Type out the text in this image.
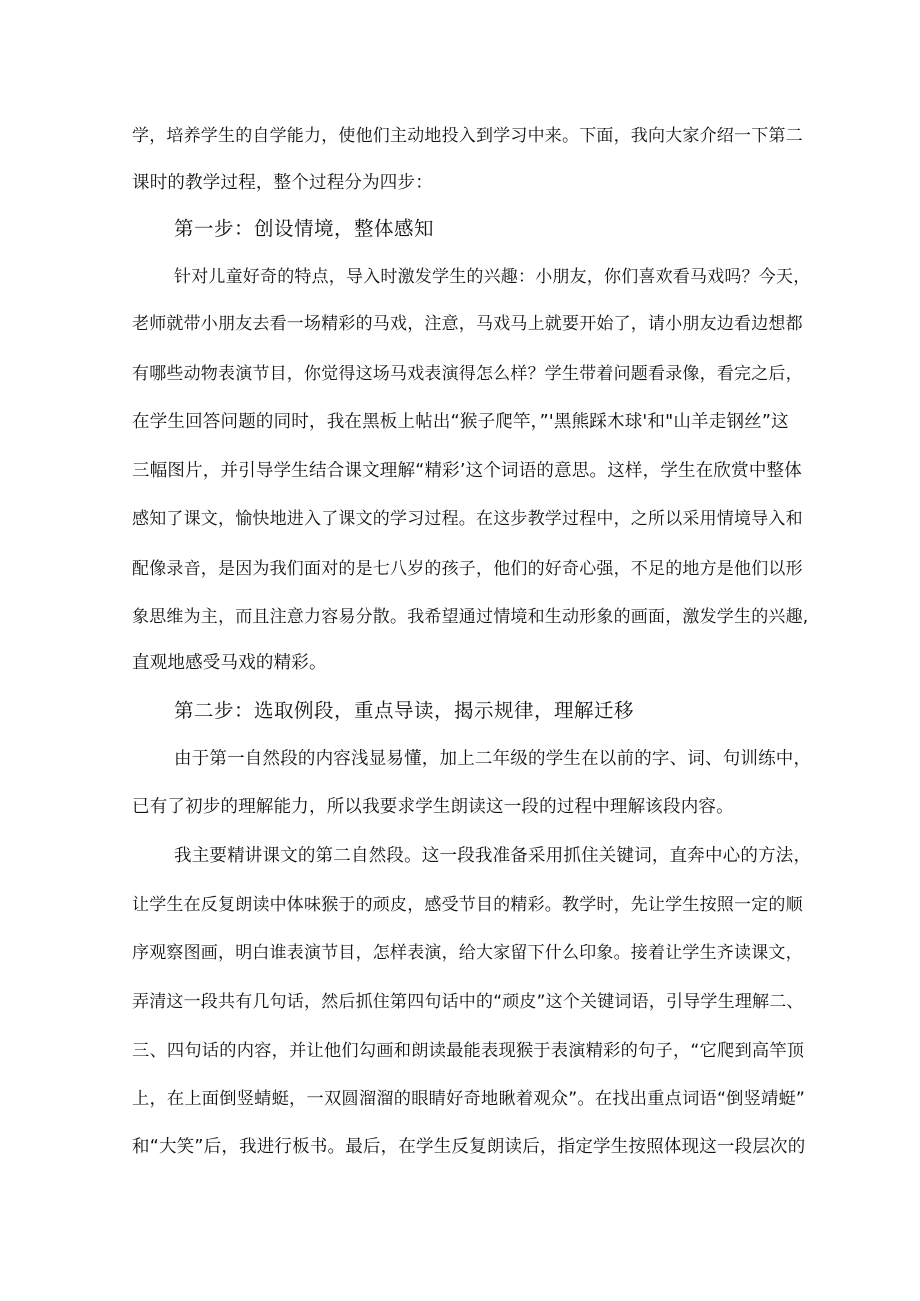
学，培养学生的自学能力，使他们主动地投入到学习中来。下面，我向大家介绍一下第二
课时的教学过程，整个过程分为四步：
第一步：创设情境，整体感知
针对儿童好奇的特点，导入时激发学生的兴趣：小朋友，你们喜欢看马戏吗？今天，
老师就带小朋友去看一场精彩的马戏，注意，马戏马上就要开始了，请小朋友边看边想都
有哪些动物表演节目，你觉得这场马戏表演得怎么样？学生带着问题看录像，看完之后，
在学生回答问题的同时，我在黑板上帖出“猴子爬竿，”'黑熊踩木球'和"山羊走钢丝”这
三幅图片，并引导学生结合课文理解“精彩’这个词语的意思。这样，学生在欣赏中整体
感知了课文，愉快地进入了课文的学习过程。在这步教学过程中，之所以采用情境导入和
配像录音，是因为我们面对的是七八岁的孩子，他们的好奇心强，不足的地方是他们以形
象思维为主，而且注意力容易分散。我希望通过情境和生动形象的画面，激发学生的兴趣,
直观地感受马戏的精彩。
第二步：选取例段，重点导读，揭示规律，理解迁移
由于第一自然段的内容浅显易懂，加上二年级的学生在以前的字、词、句训练中，
已有了初步的理解能力，所以我要求学生朗读这一段的过程中理解该段内容。
我主要精讲课文的第二自然段。这一段我准备采用抓住关键词，直奔中心的方法，
让学生在反复朗读中体味猴于的顽皮，感受节目的精彩。教学时，先让学生按照一定的顺
序观察图画，明白谁表演节目，怎样表演，给大家留下什么印象。接着让学生齐读课文，
弄清这一段共有几句话，然后抓住第四句话中的“顽皮”这个关键词语，引导学生理解二、
三、四句话的内容，并让他们勾画和朗读最能表现猴于表演精彩的句子，“它爬到高竿顶
上，在上面倒竖蜻蜓，一双圆溜溜的眼睛好奇地瞅着观众”。在找出重点词语“倒竖靖蜓”
和“大笑”后，我进行板书。最后，在学生反复朗读后，指定学生按照体现这一段层次的
